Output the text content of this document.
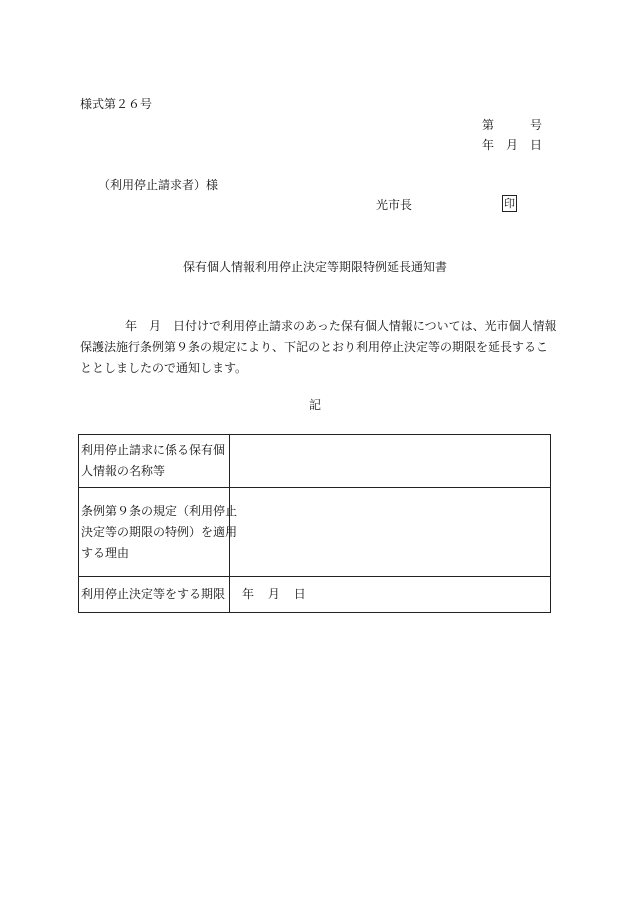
様式第２６号
第	号
年 月 日
（利用停止請求者） 様
光市長	印
保有個人情報利用停止決定等期限特例延長通知書
年　月　日付けで利用停止請求のあった保有個人情報については、光市個人情報
保護法施行条例第９条の規定により、下記のとおり利用停止決定等の期限を延長するこ
ととしましたので通知します。
記
利用停止請求に係る保有個
人情報の名称等	

条例第９条の規定（利用停止
決定等の期限の特例）を適用
する理由	

利用停止決定等をする期限	年 月 日
